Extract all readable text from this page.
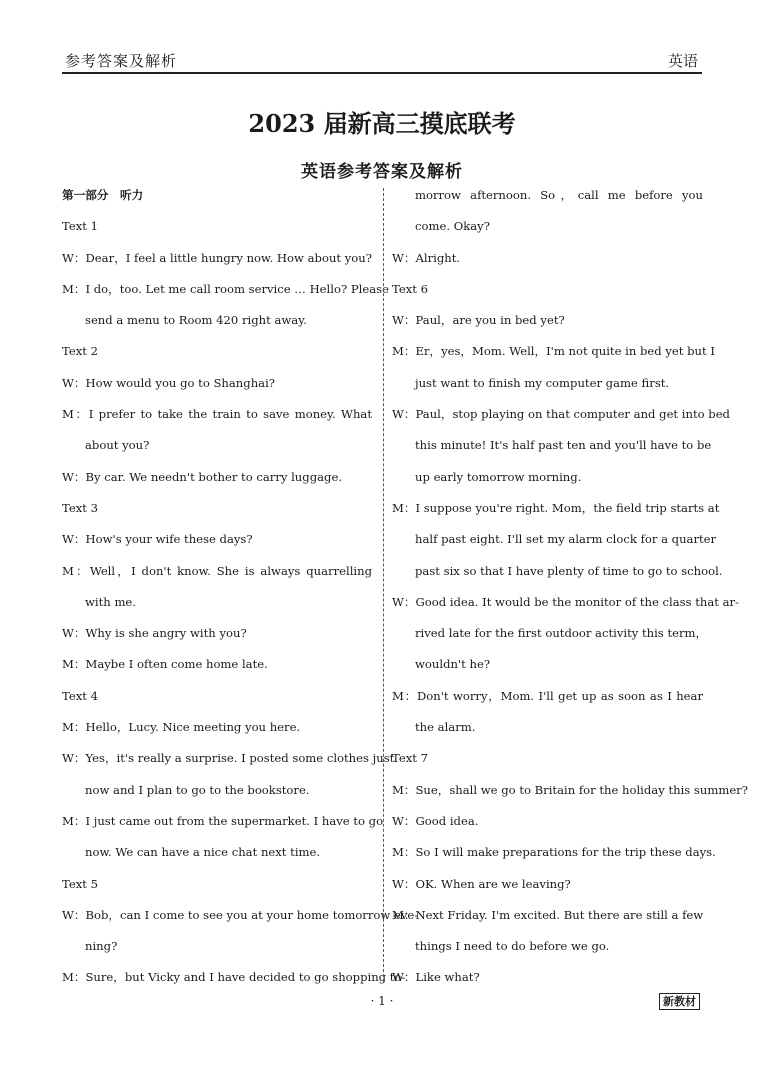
参考答案及解析	英语
2023 届新高三摸底联考
英语参考答案及解析
第一部分　听力
Text 1
W：Dear，I feel a little hungry now. How about you?
M：I do，too. Let me call room service … Hello? Please
send a menu to Room 420 right away.
Text 2
W：How would you go to Shanghai?
M：I prefer to take the train to save money. What
about you?
W：By car. We needn't bother to carry luggage.
Text 3
W：How's your wife these days?
M：Well，I don't know. She is always quarrelling
with me.
W：Why is she angry with you?
M：Maybe I often come home late.
Text 4
M：Hello，Lucy. Nice meeting you here.
W：Yes，it's really a surprise. I posted some clothes just
now and I plan to go to the bookstore.
M：I just came out from the supermarket. I have to go
now. We can have a nice chat next time.
Text 5
W：Bob，can I come to see you at your home tomorrow eve-
ning?
M：Sure，but Vicky and I have decided to go shopping to-
morrow afternoon. So，call me before you
come. Okay?
W：Alright.
Text 6
W：Paul，are you in bed yet?
M：Er，yes，Mom. Well，I'm not quite in bed yet but I
just want to finish my computer game first.
W：Paul，stop playing on that computer and get into bed
this minute! It's half past ten and you'll have to be
up early tomorrow morning.
M：I suppose you're right. Mom，the field trip starts at
half past eight. I'll set my alarm clock for a quarter
past six so that I have plenty of time to go to school.
W：Good idea. It would be the monitor of the class that ar-
rived late for the first outdoor activity this term，
wouldn't he?
M：Don't worry，Mom. I'll get up as soon as I hear
the alarm.
Text 7
M：Sue，shall we go to Britain for the holiday this summer?
W：Good idea.
M：So I will make preparations for the trip these days.
W：OK. When are we leaving?
M：Next Friday. I'm excited. But there are still a few
things I need to do before we go.
W：Like what?
· 1 ·	新教材
